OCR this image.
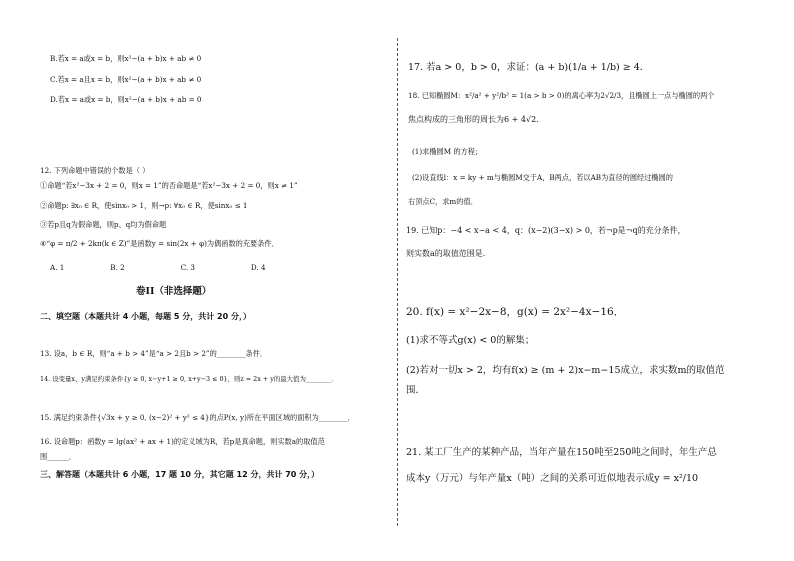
B.若x = a或x = b，则x²−(a + b)x + ab ≠ 0
C.若x = a且x = b，则x²−(a + b)x + ab ≠ 0
D.若x = a或x = b，则x²−(a + b)x + ab = 0
12. 下列命题中错误的个数是（ ）
①命题“若x²−3x + 2 = 0，则x = 1”的否命题是“若x²−3x + 2 = 0，则x ≠ 1”
②命题p: ∃x₀ ∈ R，使sinx₀ > 1，则¬p: ∀x₀ ∈ R，使sinx₀ ≤ 1
③若p且q为假命题，则p、q均为假命题
④“φ = π/2 + 2kπ(k ∈ Z)”是函数y = sin(2x + φ)为偶函数的充要条件．
A. 1	B. 2	C. 3	D. 4
卷II（非选择题）
二、填空题（本题共计 4 小题，每题 5 分，共计 20 分，）
13. 设a，b ∈ R，则“a + b > 4”是“a > 2且b > 2”的________条件．
14. 设变量x、y满足约束条件{y ≥ 0, x−y+1 ≥ 0, x+y−3 ≤ 0}，则z = 2x + y的最大值为________．
15. 满足约束条件{√3x + y ≥ 0, (x−2)² + y² ≤ 4}的点P(x, y)所在平面区域的面积为________．
16. 设命题p：函数y = lg(ax² + ax + 1)的定义域为R，若p是真命题，则实数a的取值范
围______．
三、解答题（本题共计 6 小题，17 题 10 分，其它题 12 分，共计 70 分，）
17. 若a > 0，b > 0，求证：(a + b)(1/a + 1/b) ≥ 4．
18. 已知椭圆M：x²/a² + y²/b² = 1(a > b > 0)的离心率为2√2/3，且椭圆上一点与椭圆的两个
焦点构成的三角形的周长为6 + 4√2．
(1)求椭圆M 的方程；
(2)设直线l：x = ky + m与椭圆M交于A，B两点，若以AB为直径的圆经过椭圆的
右顶点C，求m的值．
19. 已知p：−4 < x−a < 4，q：(x−2)(3−x) > 0，若¬p是¬q的充分条件，
则实数a的取值范围是．
20. f(x) = x²−2x−8，g(x) = 2x²−4x−16．
(1)求不等式g(x) < 0的解集；
(2)若对一切x > 2，均有f(x) ≥ (m + 2)x−m−15成立，求实数m的取值范
围．
21. 某工厂生产的某种产品，当年产量在150吨至250吨之间时，年生产总
成本y（万元）与年产量x（吨）之间的关系可近似地表示成y = x²/10
